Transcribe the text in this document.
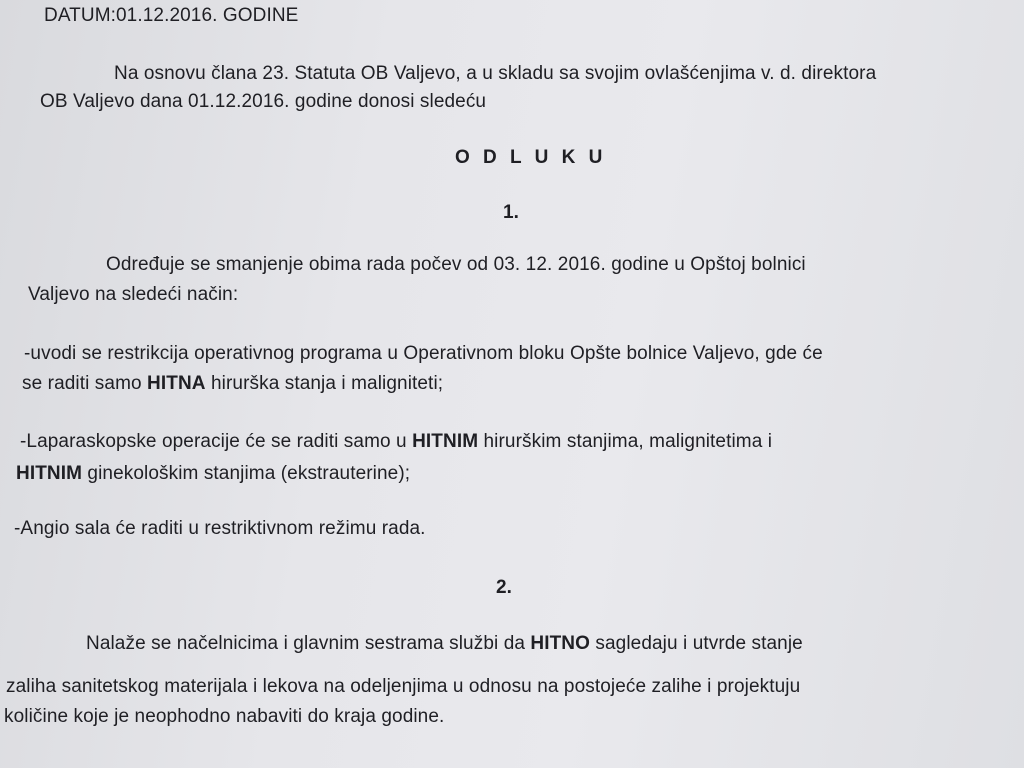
DATUM:01.12.2016. GODINE
Na osnovu člana 23. Statuta OB Valjevo, a u skladu sa svojim ovlašćenjima v. d. direktora
OB Valjevo dana 01.12.2016. godine donosi sledeću
O D L U K U
1.
Određuje se smanjenje obima rada počev od 03. 12. 2016. godine u Opštoj bolnici
Valjevo na sledeći način:
-uvodi se restrikcija operativnog programa u Operativnom bloku Opšte bolnice Valjevo, gde će
se raditi samo HITNA hirurška stanja i maligniteti;
-Laparaskopske operacije će se raditi samo u HITNIM hirurškim stanjima, malignitetima i
HITNIM ginekološkim stanjima (ekstrauterine);
-Angio sala će raditi u restriktivnom režimu rada.
2.
Nalaže se načelnicima i glavnim sestrama službi da HITNO sagledaju i utvrde stanje
zaliha sanitetskog materijala i lekova na odeljenjima u odnosu na postojeće zalihe i projektuju
količine koje je neophodno nabaviti do kraja godine.
